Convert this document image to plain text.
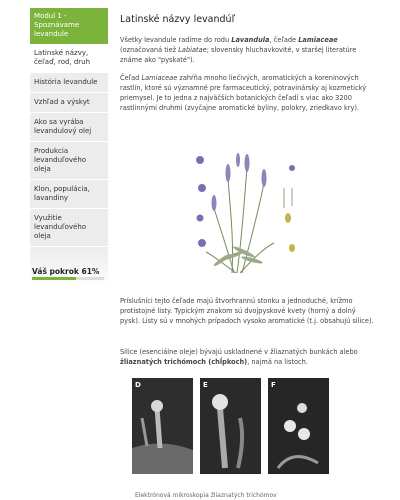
Modul 1 - Spoznávame levandule
Latinské názvy, čeľaď, rod, druh
História levandule
Vzhľad a výskyt
Ako sa vyrába levandulový olej
Produkcia levanduľového oleja
Klon, populácia, lavandiny
Využitie levanduľového oleja
Váš pokrok 61%
Latinské názvy levandúľ

Všetky levandule radíme do rodu Lavandula, čeľade Lamiaceae (označovaná tiež Labiatae; slovensky hluchavkovité, v staršej literatúre známe ako "pyskaté").

Čeľad Lamiaceae zahŕňa mnoho liečivých, aromatických a koreninových rastlín, ktoré sú významné pre farmaceutický, potravinársky aj kozmetický priemysel. Je to jedna z najväčších botanických čeľadí s viac ako 3200 rastlinnými druhmi (zvyčajne aromatické byliny, polokry, zriedkavo kry).

Príslušníci tejto čeľade majú štvorhrannú stonku a jednoduché, krížmo protistojné listy. Typickým znakom sú dvojpyskové kvety (horný a dolný pysk). Listy sú v mnohých prípadoch vysoko aromatické (t.j. obsahujú silice).

Silice (esenciálne oleje) bývajú uskladnené v žliaznatých bunkách alebo žliaznatých trichómoch (chĺpkoch), najmä na listoch.

D	E	F
Elektrónová mikroskopia žliaznatých trichómov
